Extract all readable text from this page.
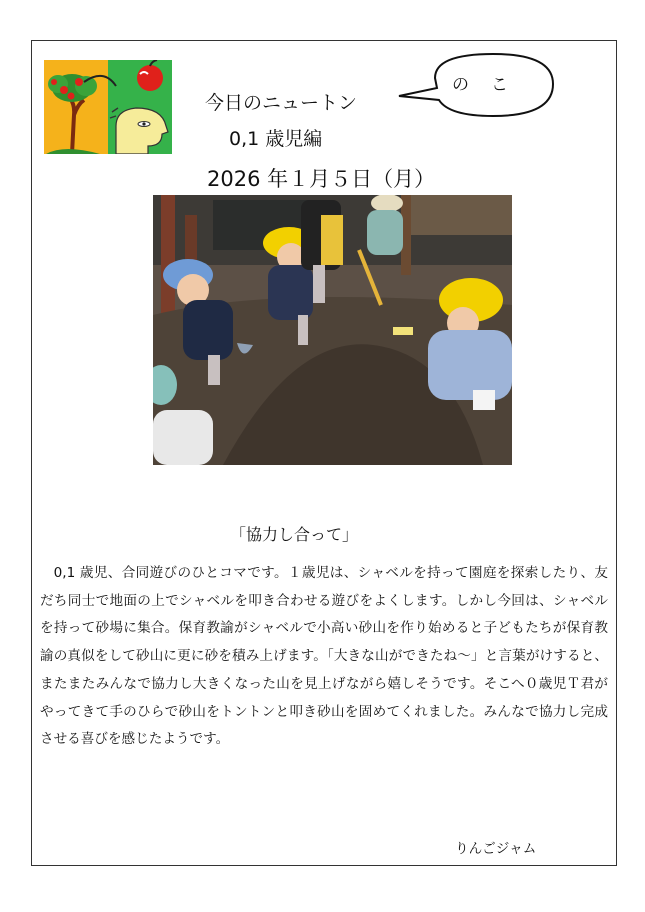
今日のニュートン
0,1 歳児編
2026 年１月５日（月）
のこ
「協力し合って」

0,1 歳児、合同遊びのひとコマです。１歳児は、シャベルを持って園庭を探索したり、友だち同士で地面の上でシャベルを叩き合わせる遊びをよくします。しかし今回は、シャベルを持って砂場に集合。保育教諭がシャベルで小高い砂山を作り始めると子どもたちが保育教諭の真似をして砂山に更に砂を積み上げます。「大きな山ができたね〜」と言葉がけすると、またまたみんなで協力し大きくなった山を見上げながら嬉しそうです。そこへ０歳児Ｔ君がやってきて手のひらで砂山をトントンと叩き砂山を固めてくれました。みんなで協力し完成させる喜びを感じたようです。

りんごジャム
